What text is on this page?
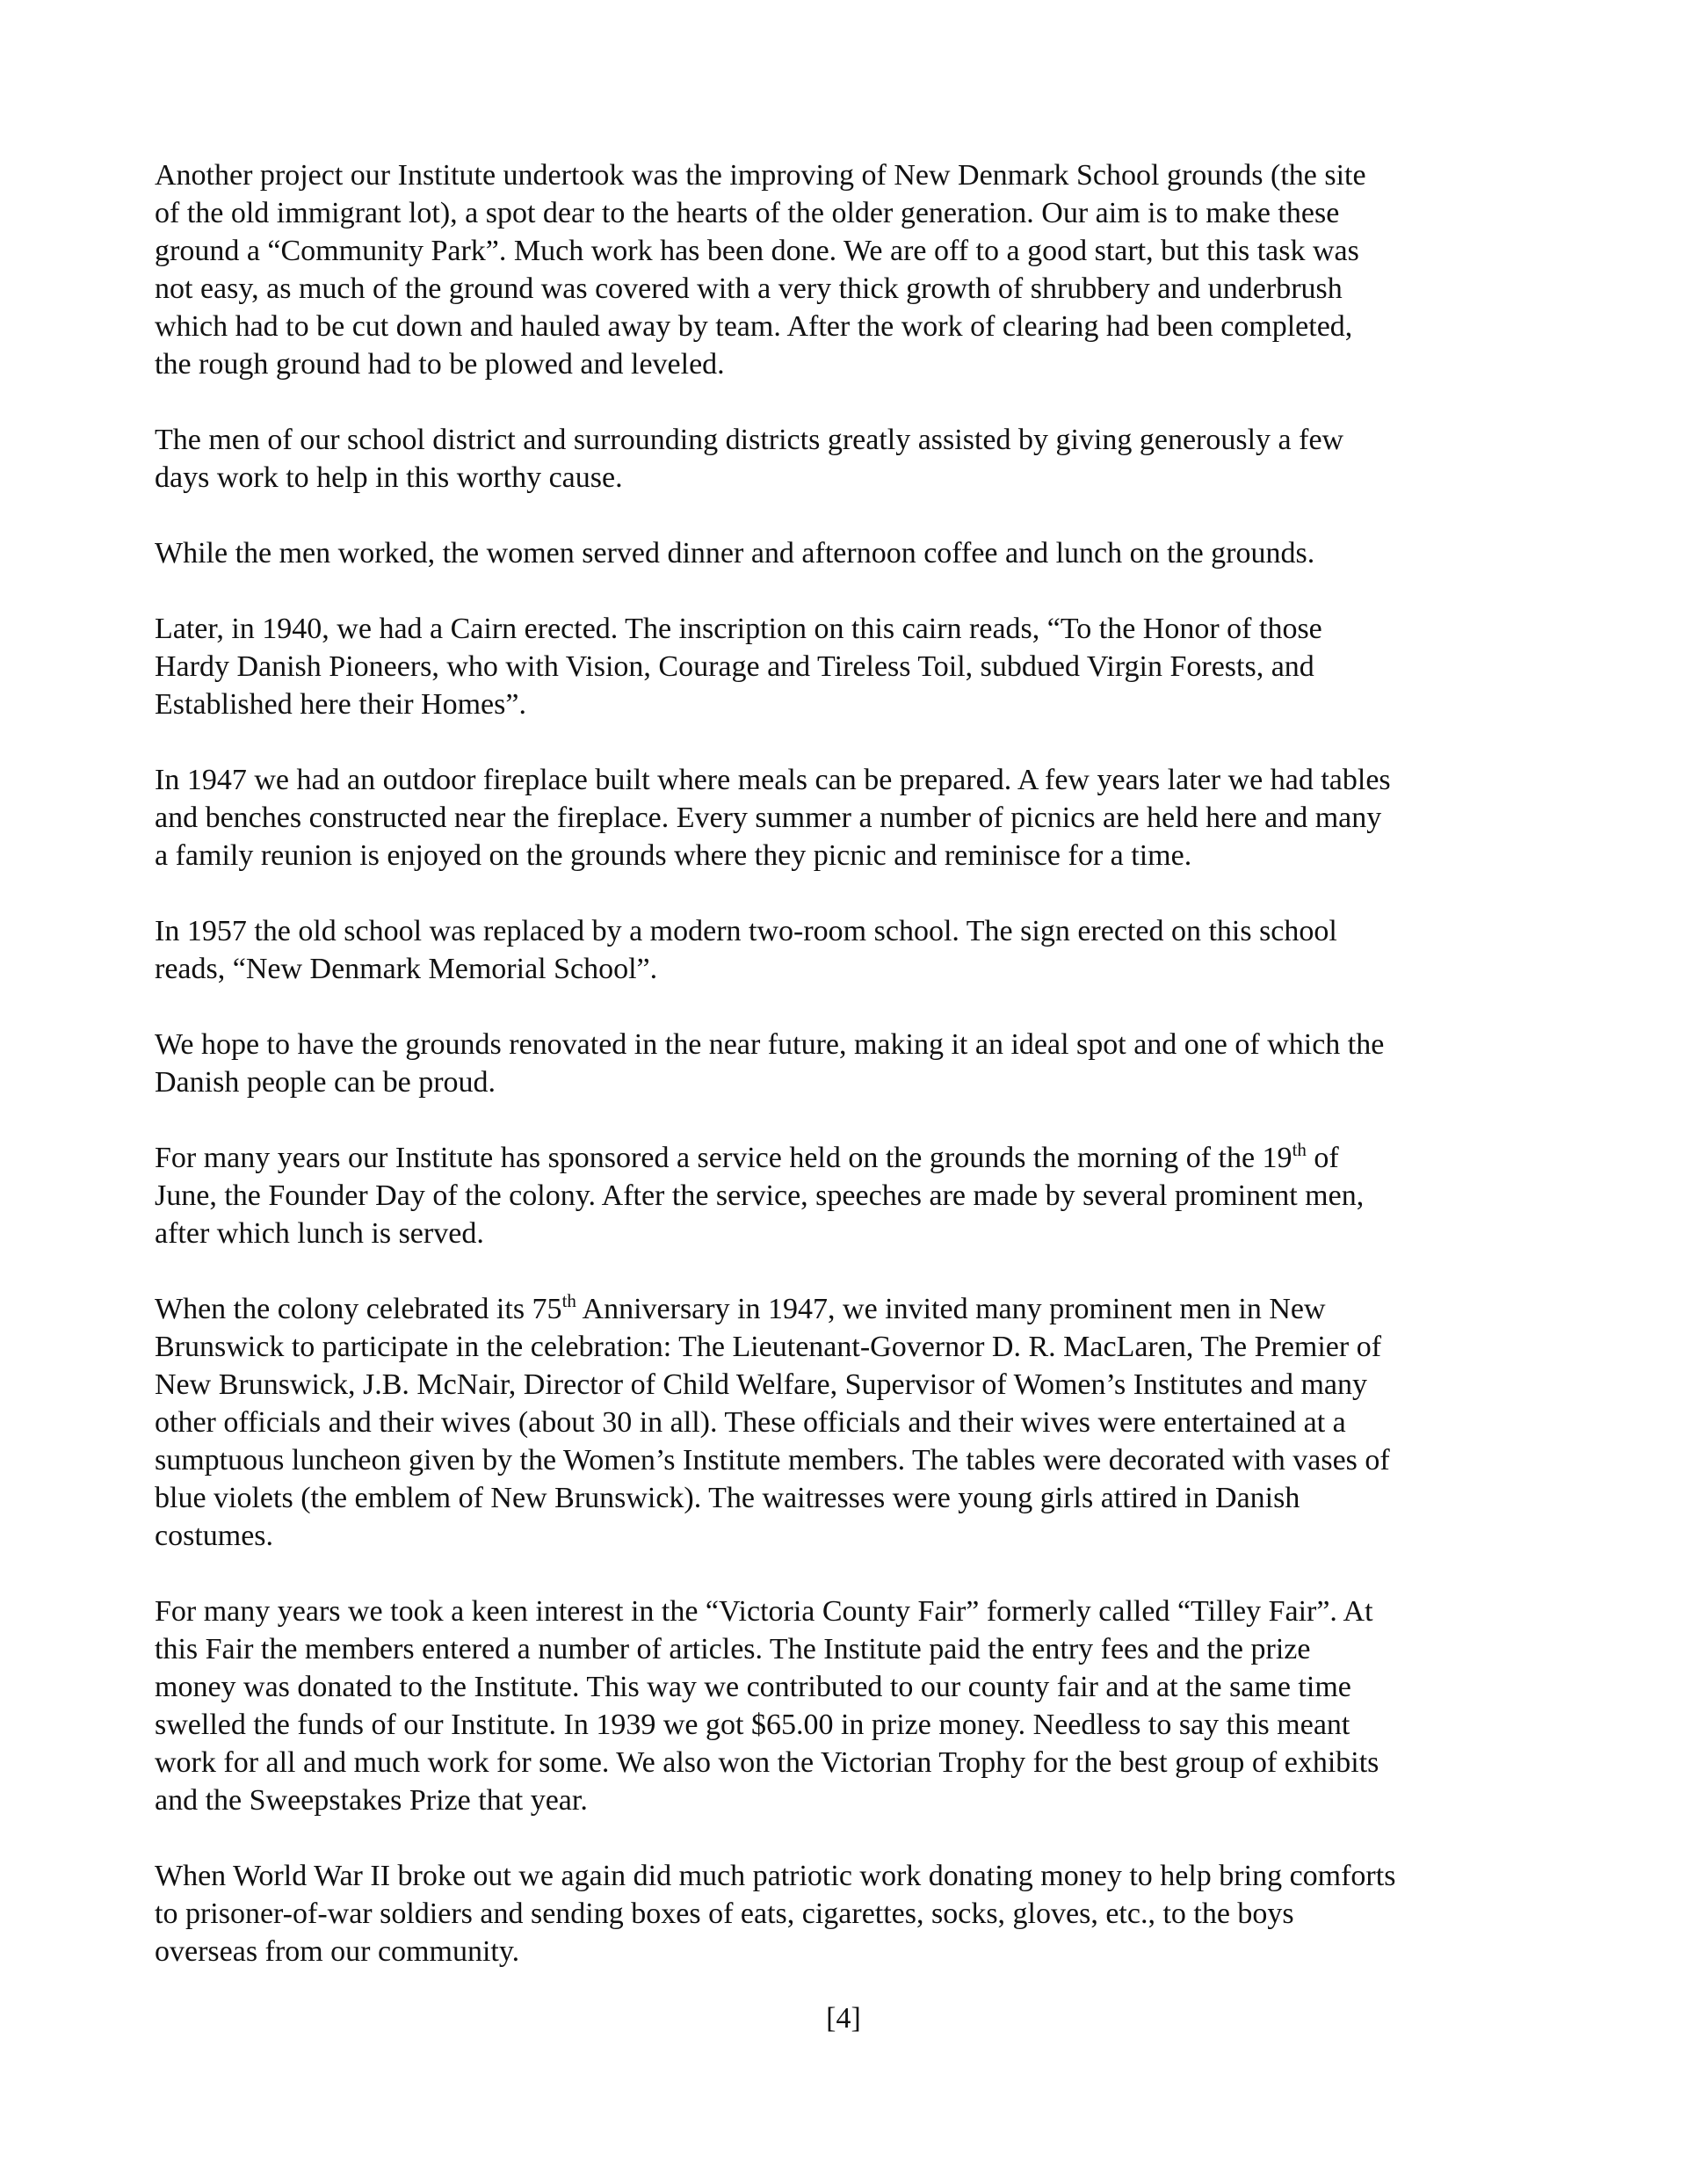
Another project our Institute undertook was the improving of New Denmark School grounds (the site
of the old immigrant lot), a spot dear to the hearts of the older generation. Our aim is to make these
ground a “Community Park”. Much work has been done. We are off to a good start, but this task was
not easy, as much of the ground was covered with a very thick growth of shrubbery and underbrush
which had to be cut down and hauled away by team. After the work of clearing had been completed,
the rough ground had to be plowed and leveled.

The men of our school district and surrounding districts greatly assisted by giving generously a few
days work to help in this worthy cause.

While the men worked, the women served dinner and afternoon coffee and lunch on the grounds.

Later, in 1940, we had a Cairn erected. The inscription on this cairn reads, “To the Honor of those
Hardy Danish Pioneers, who with Vision, Courage and Tireless Toil, subdued Virgin Forests, and
Established here their Homes”.

In 1947 we had an outdoor fireplace built where meals can be prepared. A few years later we had tables
and benches constructed near the fireplace. Every summer a number of picnics are held here and many
a family reunion is enjoyed on the grounds where they picnic and reminisce for a time.

In 1957 the old school was replaced by a modern two-room school. The sign erected on this school
reads, “New Denmark Memorial School”.

We hope to have the grounds renovated in the near future, making it an ideal spot and one of which the
Danish people can be proud.

For many years our Institute has sponsored a service held on the grounds the morning of the 19th of
June, the Founder Day of the colony. After the service, speeches are made by several prominent men,
after which lunch is served.

When the colony celebrated its 75th Anniversary in 1947, we invited many prominent men in New
Brunswick to participate in the celebration: The Lieutenant-Governor D. R. MacLaren, The Premier of
New Brunswick, J.B. McNair, Director of Child Welfare, Supervisor of Women’s Institutes and many
other officials and their wives (about 30 in all). These officials and their wives were entertained at a
sumptuous luncheon given by the Women’s Institute members. The tables were decorated with vases of
blue violets (the emblem of New Brunswick). The waitresses were young girls attired in Danish
costumes.

For many years we took a keen interest in the “Victoria County Fair” formerly called “Tilley Fair”. At
this Fair the members entered a number of articles. The Institute paid the entry fees and the prize
money was donated to the Institute. This way we contributed to our county fair and at the same time
swelled the funds of our Institute. In 1939 we got $65.00 in prize money. Needless to say this meant
work for all and much work for some. We also won the Victorian Trophy for the best group of exhibits
and the Sweepstakes Prize that year.

When World War II broke out we again did much patriotic work donating money to help bring comforts
to prisoner-of-war soldiers and sending boxes of eats, cigarettes, socks, gloves, etc., to the boys
overseas from our community.

[4]
